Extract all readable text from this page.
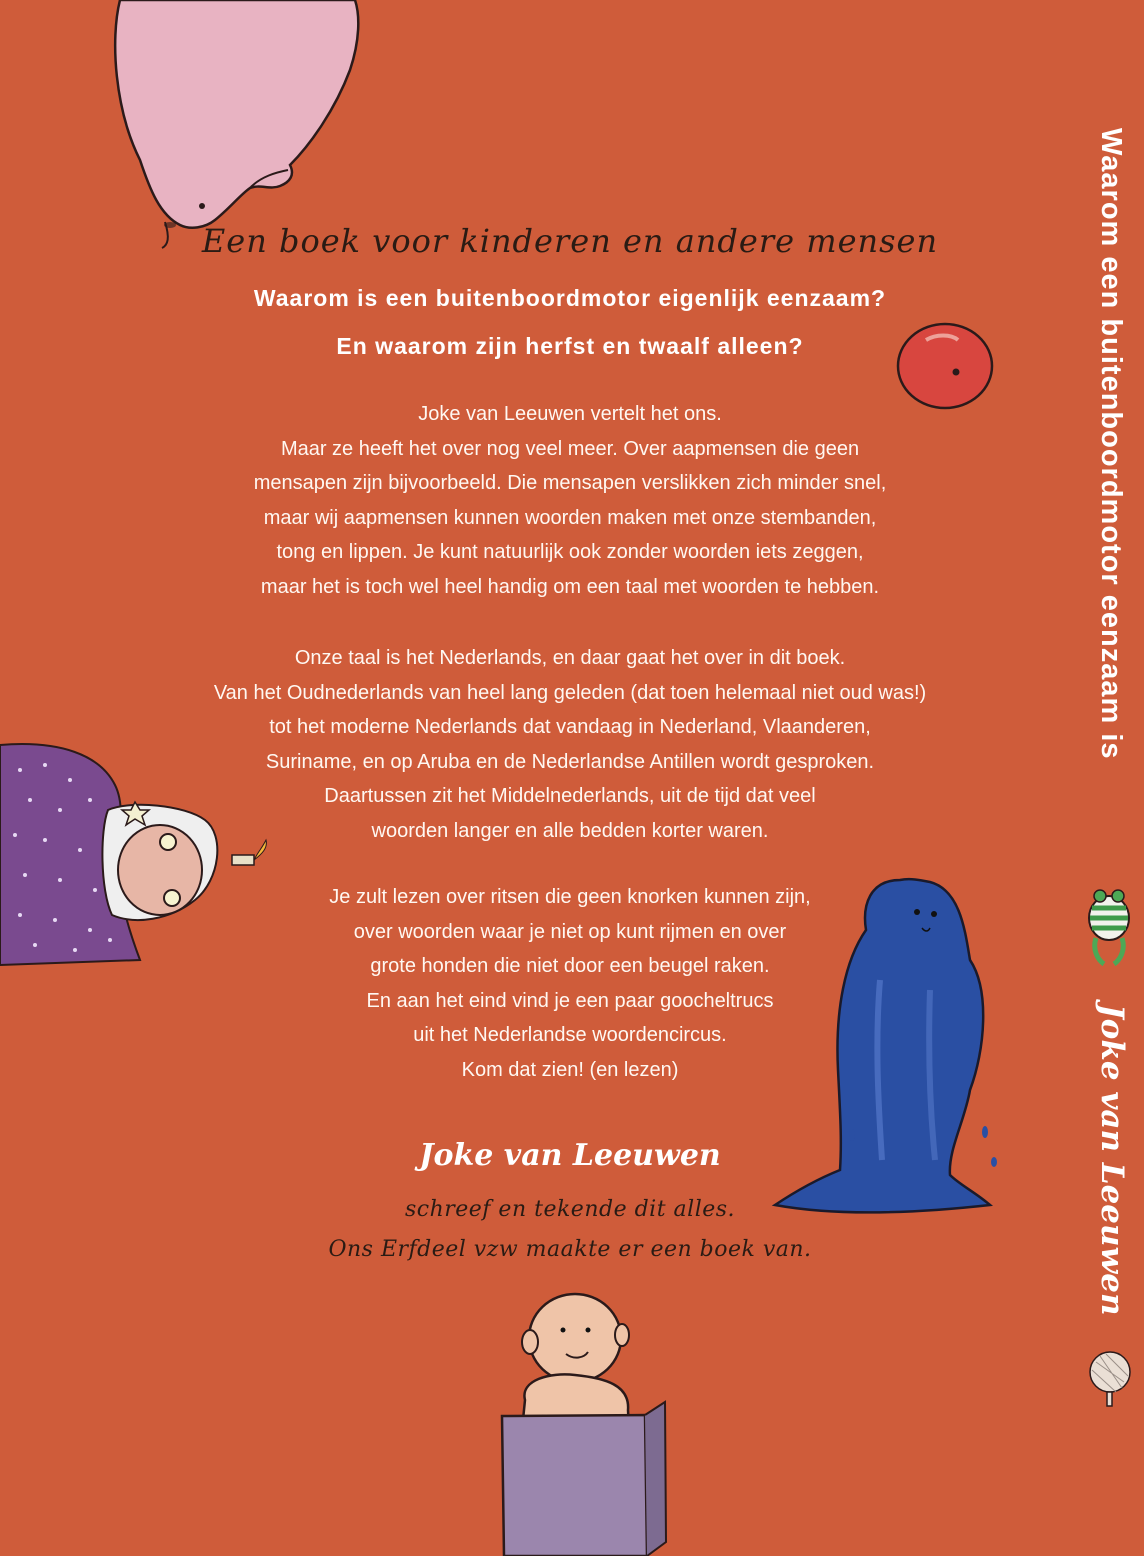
Een boek voor kinderen en andere mensen
Waarom is een buitenboordmotor eigenlijk eenzaam?
En waarom zijn herfst en twaalf alleen?
Joke van Leeuwen vertelt het ons.
Maar ze heeft het over nog veel meer. Over aapmensen die geen
mensapen zijn bijvoorbeeld. Die mensapen verslikken zich minder snel,
maar wij aapmensen kunnen woorden maken met onze stembanden,
tong en lippen. Je kunt natuurlijk ook zonder woorden iets zeggen,
maar het is toch wel heel handig om een taal met woorden te hebben.
Onze taal is het Nederlands, en daar gaat het over in dit boek.
Van het Oudnederlands van heel lang geleden (dat toen helemaal niet oud was!)
tot het moderne Nederlands dat vandaag in Nederland, Vlaanderen,
Suriname, en op Aruba en de Nederlandse Antillen wordt gesproken.
Daartussen zit het Middelnederlands, uit de tijd dat veel
woorden langer en alle bedden korter waren.
Je zult lezen over ritsen die geen knorken kunnen zijn,
over woorden waar je niet op kunt rijmen en over
grote honden die niet door een beugel raken.
En aan het eind vind je een paar goocheltrucs
uit het Nederlandse woordencircus.
Kom dat zien! (en lezen)
Joke van Leeuwen
schreef en tekende dit alles.
Ons Erfdeel vzw maakte er een boek van.
Waarom een buitenboordmotor eenzaam is
Joke van Leeuwen
